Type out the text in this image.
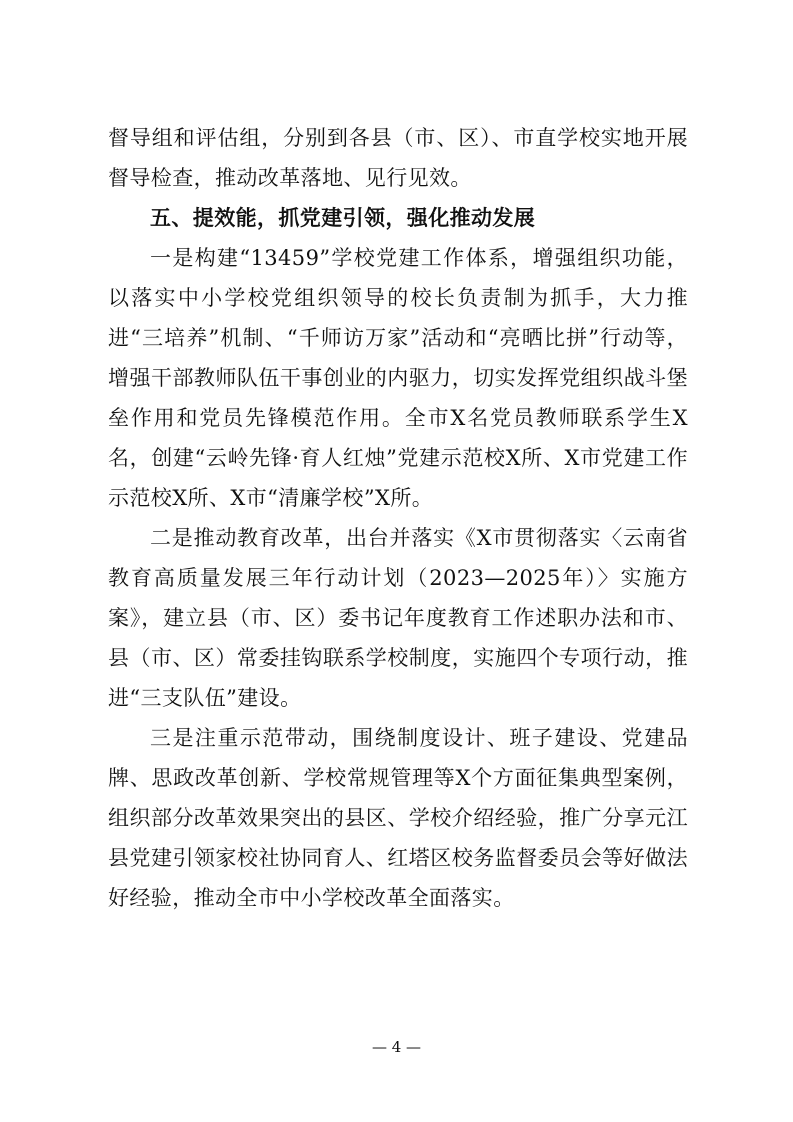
督导组和评估组，分别到各县（市、区）、市直学校实地开展督导检查，推动改革落地、见行见效。

五、提效能，抓党建引领，强化推动发展

一是构建“13459”学校党建工作体系，增强组织功能，以落实中小学校党组织领导的校长负责制为抓手，大力推进“三培养”机制、“千师访万家”活动和“亮晒比拼”行动等，增强干部教师队伍干事创业的内驱力，切实发挥党组织战斗堡垒作用和党员先锋模范作用。全市X名党员教师联系学生X名，创建“云岭先锋·育人红烛”党建示范校X所、X市党建工作示范校X所、X市“清廉学校”X所。

二是推动教育改革，出台并落实《X市贯彻落实〈云南省教育高质量发展三年行动计划（2023—2025年）〉实施方案》，建立县（市、区）委书记年度教育工作述职办法和市、县（市、区）常委挂钩联系学校制度，实施四个专项行动，推进“三支队伍”建设。

三是注重示范带动，围绕制度设计、班子建设、党建品牌、思政改革创新、学校常规管理等X个方面征集典型案例，组织部分改革效果突出的县区、学校介绍经验，推广分享元江县党建引领家校社协同育人、红塔区校务监督委员会等好做法好经验，推动全市中小学校改革全面落实。

— 4 —
